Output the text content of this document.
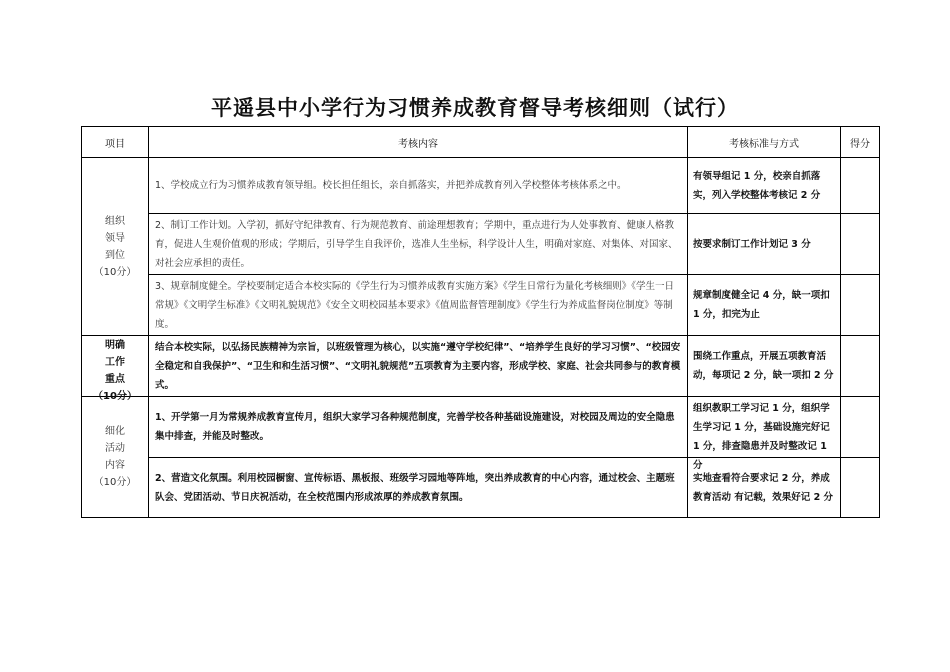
平遥县中小学行为习惯养成教育督导考核细则（试行）
项目	考核内容	考核标准与方式	得分

组织
领导
到位
（10分）	1、学校成立行为习惯养成教育领导组。校长担任组长，亲自抓落实，并把养成教育列入学校整体考核体系之中。	有领导组记 1 分，校亲自抓落实，列入学校整体考核记 2 分	

	2、制订工作计划。入学初，抓好守纪律教育、行为规范教育、前途理想教育；学期中，重点进行为人处事教育、健康人格教育，促进人生观价值观的形成；学期后，引导学生自我评价，选准人生坐标，科学设计人生，明确对家庭、对集体、对国家、对社会应承担的责任。	按要求制订工作计划记 3 分	

	3、规章制度健全。学校要制定适合本校实际的《学生行为习惯养成教育实施方案》《学生日常行为量化考核细则》《学生一日常规》《文明学生标准》《文明礼貌规范》《安全文明校园基本要求》《值周监督管理制度》《学生行为养成监督岗位制度》等制度。	规章制度健全记 4 分，缺一项扣 1 分，扣完为止	

明确
工作
重点
（10分）	结合本校实际，以弘扬民族精神为宗旨，以班级管理为核心，以实施“遵守学校纪律”、“培养学生良好的学习习惯”、“校园安全稳定和自我保护”、“卫生和和生活习惯”、“文明礼貌规范”五项教育为主要内容，形成学校、家庭、社会共同参与的教育模式。	围绕工作重点，开展五项教育活动，每项记 2 分，缺一项扣 2 分	

细化
活动
内容
（10分）	1、开学第一月为常规养成教育宣传月，组织大家学习各种规范制度，完善学校各种基础设施建设，对校园及周边的安全隐患集中排查，并能及时整改。	组织教职工学习记 1 分，组织学生学习记 1 分，基础设施完好记 1 分，排查隐患并及时整改记 1 分	

	2、营造文化氛围。利用校园橱窗、宣传标语、黑板报、班级学习园地等阵地，突出养成教育的中心内容，通过校会、主题班队会、党团活动、节日庆祝活动，在全校范围内形成浓厚的养成教育氛围。	实地查看符合要求记 2 分，养成教育活动 有记载，效果好记 2 分	
